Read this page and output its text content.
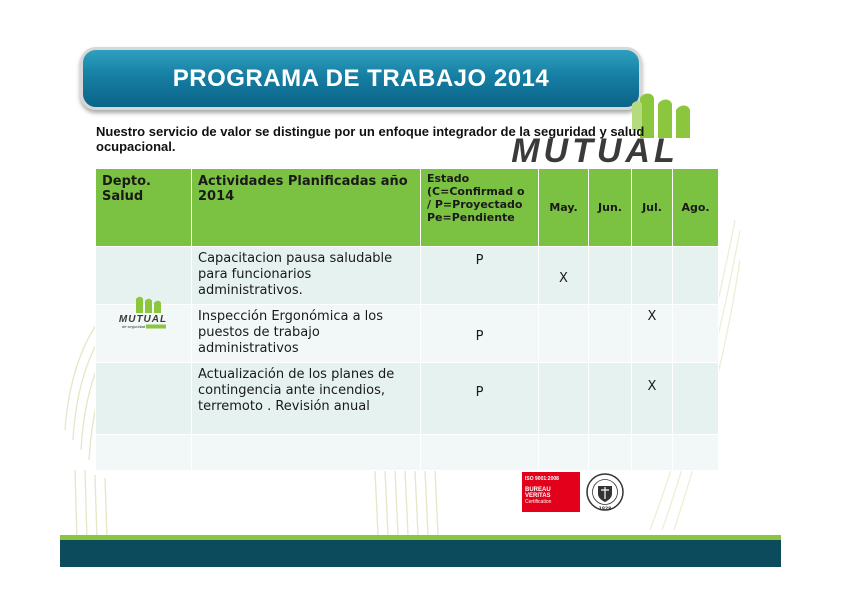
PROGRAMA DE TRABAJO 2014
MUTUAL
Nuestro servicio de valor se distingue por un enfoque integrador de la seguridad y salud ocupacional.
Depto. Salud	Actividades Planificadas año 2014	Estado (C=Confirmad o / P=Proyectado Pe=Pendiente	May.	Jun.	Jul.	Ago.
	Capacitacion pausa saludable para funcionarios administrativos.	P	X			
	Inspección Ergonómica a los puestos de trabajo administrativos	P			X	
	Actualización de los planes de contingencia ante incendios, terremoto . Revisión anual	P			X	

MUTUAL
de seguridad
ISO 9001:2008
BUREAU VERITAS
Certification
1828
